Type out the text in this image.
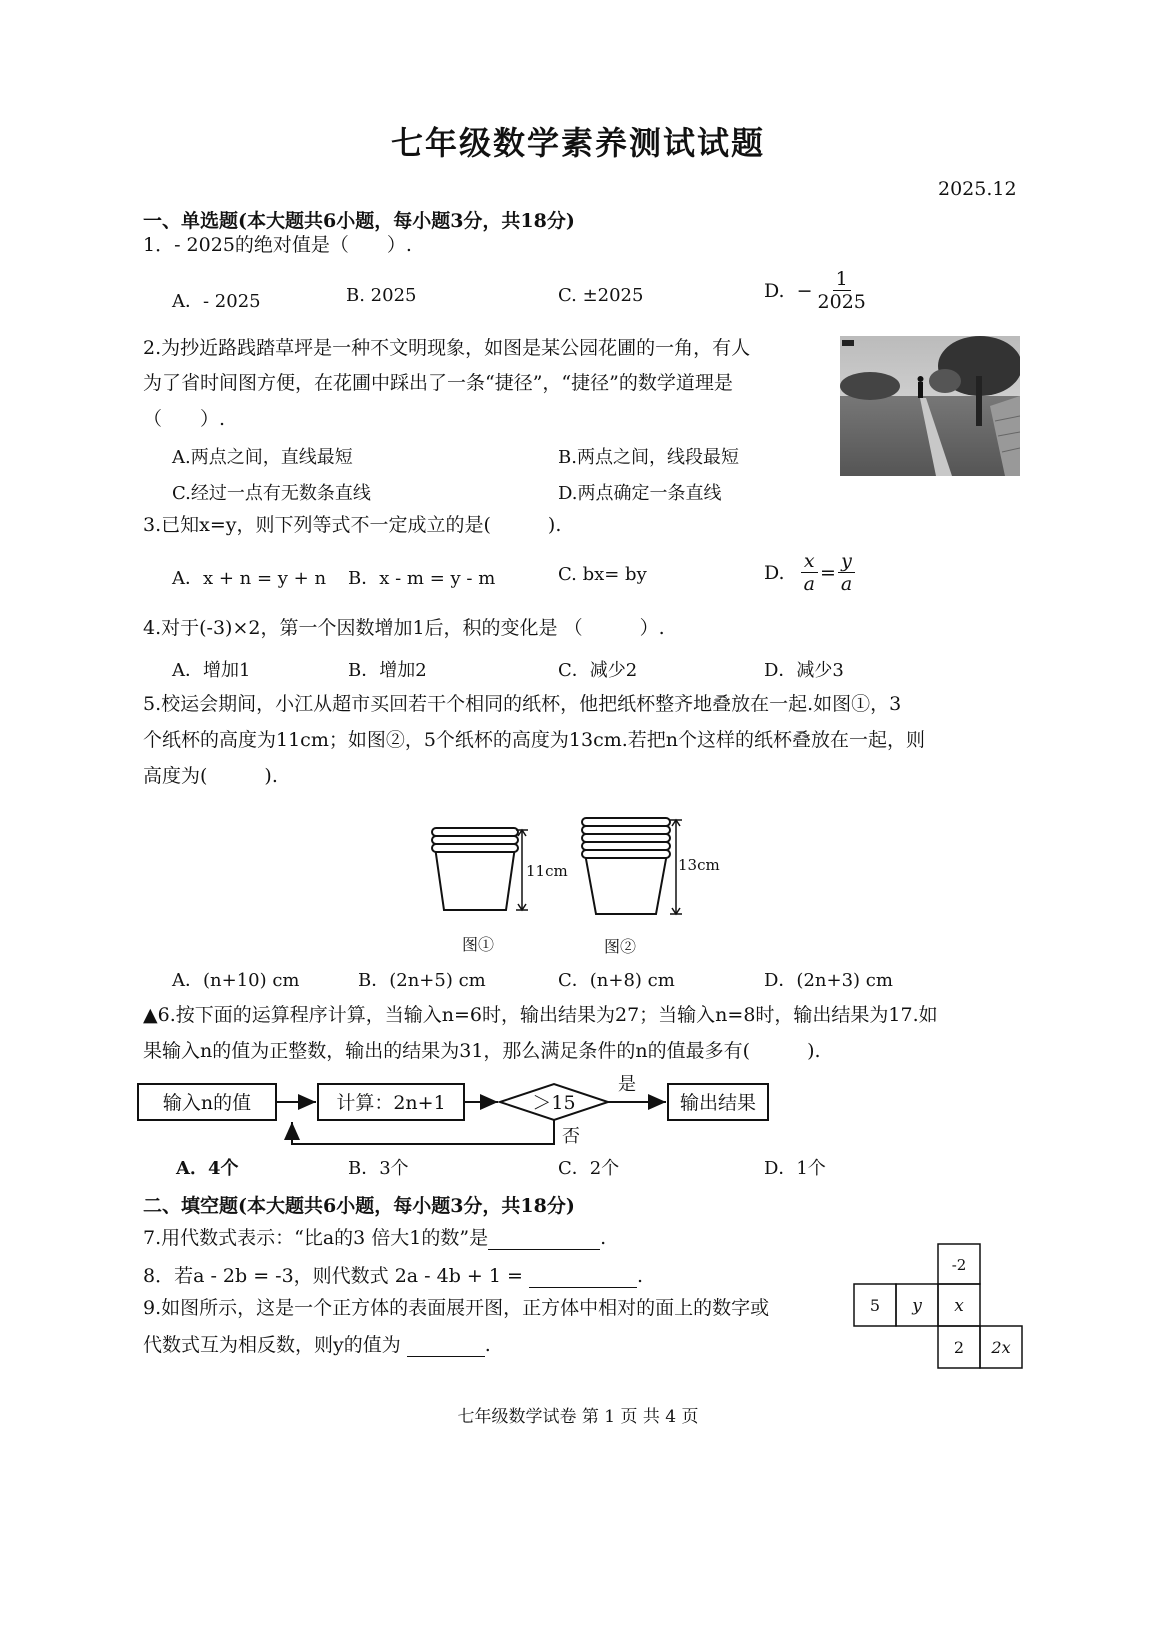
七年级数学素养测试试题
2025.12
一、单选题(本大题共6小题，每小题3分，共18分)
1．- 2025的绝对值是（　　）.
A．- 2025	B. 2025	C. ±2025	D. − $\frac{1}{2025}$
2.为抄近路践踏草坪是一种不文明现象，如图是某公园花圃的一角，有人
为了省时间图方便，在花圃中踩出了一条“捷径”，“捷径”的数学道理是
（　　）.
A.两点之间，直线最短	B.两点之间，线段最短
C.经过一点有无数条直线	D.两点确定一条直线
3.已知x=y，则下列等式不一定成立的是(　　　).
A．x + n = y + n B．x - m = y - m	C. bx= by	D. $\frac{x}{a} = \frac{y}{a}$
4.对于(-3)×2，第一个因数增加1后，积的变化是 （　　　）.
A．增加1	B．增加2	C．减少2	D．减少3
5.校运会期间，小江从超市买回若干个相同的纸杯，他把纸杯整齐地叠放在一起.如图①，3
个纸杯的高度为11cm；如图②，5个纸杯的高度为13cm.若把n个这样的纸杯叠放在一起，则
高度为(　　　).
11cm
图①
13cm
图②
A．(n+10) cm	B．(2n+5) cm	C．(n+8) cm	D．(2n+3) cm
▲6.按下面的运算程序计算，当输入n=6时，输出结果为27；当输入n=8时，输出结果为17.如
果输入n的值为正整数，输出的结果为31，那么满足条件的n的值最多有(　　　).
输入n的值	计算：2n+1	＞15	输出结果
是
否
A．4个	B．3个	C．2个	D．1个
二、填空题(本大题共6小题，每小题3分，共18分)
7.用代数式表示：“比a的3 倍大1的数”是	.
8．若a - 2b = -3，则代数式 2a - 4b + 1 =	.
9.如图所示，这是一个正方体的表面展开图，正方体中相对的面上的数字或
代数式互为相反数，则y的值为	.
-2
5 y x
2 2x
七年级数学试卷 第 1 页 共 4 页
